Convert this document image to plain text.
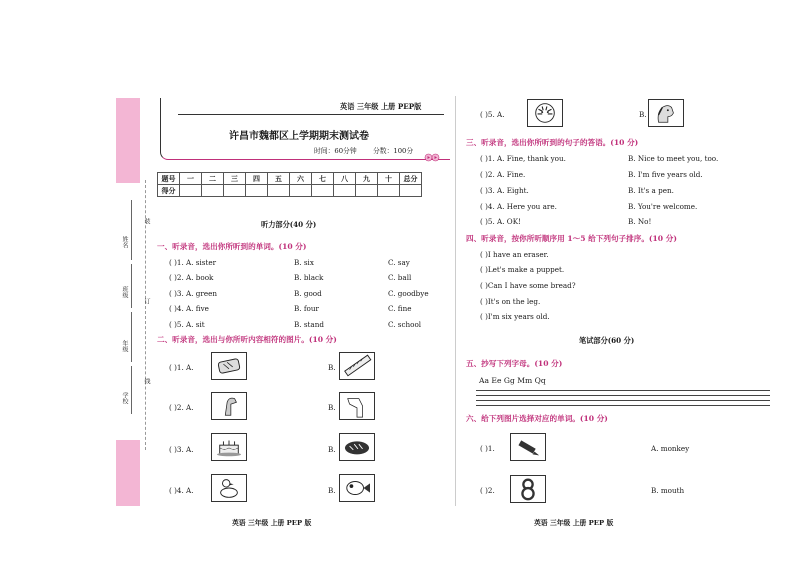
装
订
线
姓名
班级
年级
学校
英语 三年级 上册 PEP版
许昌市魏都区上学期期末测试卷
时间：60分钟 分数：100分
题号	一	二	三	四	五	六	七	八	九	十	总分
得分											
听力部分(40 分)
一、听录音，选出你所听到的单词。(10 分)
( )1. A. sister	B. six	C. say
( )2. A. book	B. black	C. ball
( )3. A. green	B. good	C. goodbye
( )4. A. five	B. four	C. fine
( )5. A. sit	B. stand	C. school
二、听录音，选出与你所听内容相符的图片。(10 分)
( )1. A.	B.
( )2. A.	B.
( )3. A.	B.
( )4. A.	B.
英语 三年级 上册 PEP 版
( )5. A.	B.
三、听录音，选出你所听到的句子的答语。(10 分)
( )1. A. Fine, thank you.	B. Nice to meet you, too.
( )2. A. Fine.	B. I'm five years old.
( )3. A. Eight.	B. It's a pen.
( )4. A. Here you are.	B. You're welcome.
( )5. A. OK!	B. No!
四、听录音，按你所听顺序用 1～5 给下列句子排序。(10 分)
( )I have an eraser.
( )Let's make a puppet.
( )Can I have some bread?
( )It's on the leg.
( )I'm six years old.
笔试部分(60 分)
五、抄写下列字母。(10 分)
Aa Ee Gg Mm Qq
六、给下列图片选择对应的单词。(10 分)
( )1.	A. monkey
( )2.	B. mouth
英语 三年级 上册 PEP 版
